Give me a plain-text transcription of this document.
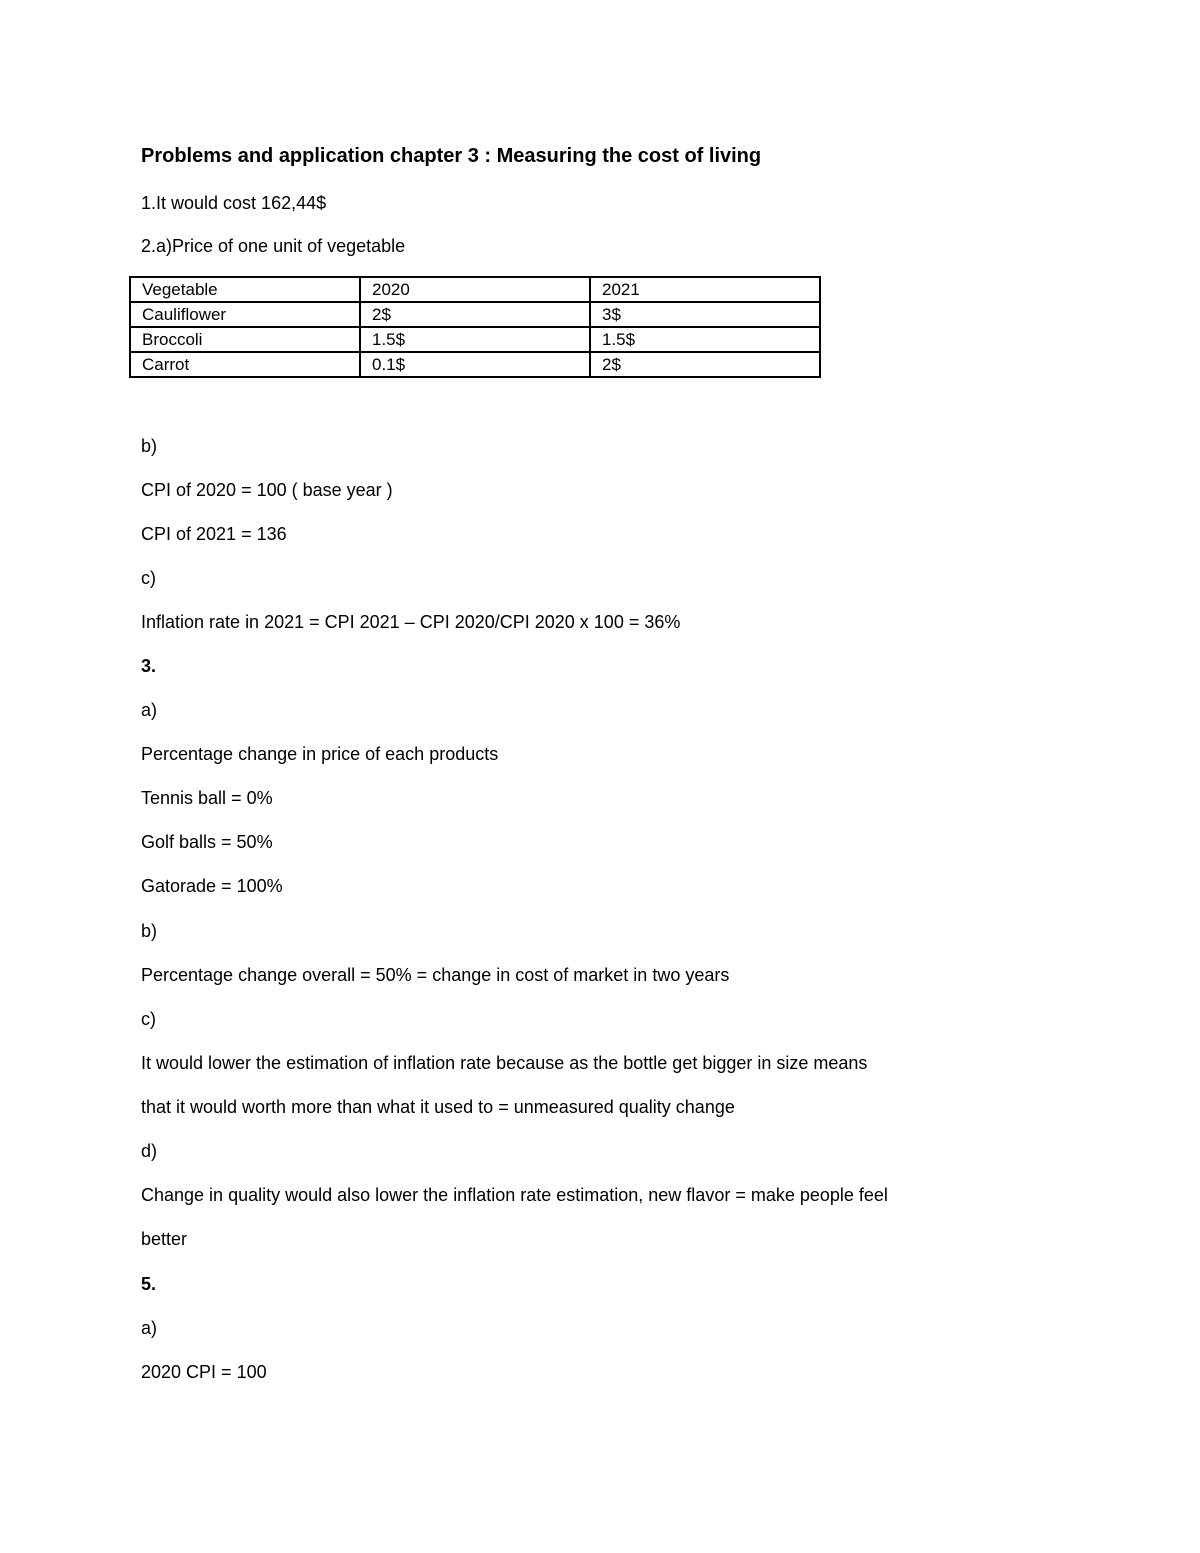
Problems and application chapter 3 : Measuring the cost of living
1.It would cost 162,44$
2.a)Price of one unit of vegetable
Vegetable	2020	2021
Cauliflower	2$	3$
Broccoli	1.5$	1.5$
Carrot	0.1$	2$
b)
CPI of 2020 = 100 ( base year )
CPI of 2021 = 136
c)
Inflation rate in 2021 = CPI 2021 – CPI 2020/CPI 2020 x 100 = 36%
3.
a)
Percentage change in price of each products
Tennis ball = 0%
Golf balls = 50%
Gatorade = 100%
b)
Percentage change overall = 50% = change in cost of market in two years
c)
It would lower the estimation of inflation rate because as the bottle get bigger in size means
that it would worth more than what it used to = unmeasured quality change
d)
Change in quality would also lower the inflation rate estimation, new flavor = make people feel
better
5.
a)
2020 CPI = 100
